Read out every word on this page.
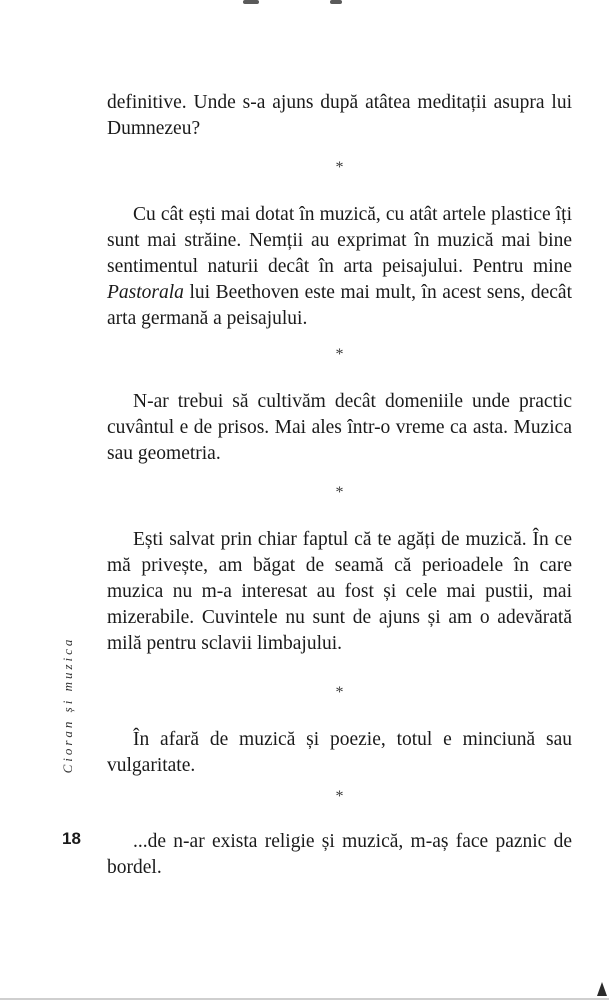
definitive. Unde s-a ajuns după atâtea meditații asupra lui Dumnezeu?

*

Cu cât ești mai dotat în muzică, cu atât artele plastice îți sunt mai străine. Nemții au exprimat în muzică mai bine sentimentul naturii decât în arta peisajului. Pentru mine Pastorala lui Beethoven este mai mult, în acest sens, decât arta germană a peisajului.

*

N-ar trebui să cultivăm decât domeniile unde practic cuvântul e de prisos. Mai ales într-o vreme ca asta. Muzica sau geometria.

*

Ești salvat prin chiar faptul că te agăți de muzică. În ce mă privește, am băgat de seamă că perioadele în care muzica nu m-a interesat au fost și cele mai pustii, mai mizerabile. Cuvintele nu sunt de ajuns și am o adevărată milă pentru sclavii limbajului.

*

În afară de muzică și poezie, totul e minciună sau vulgaritate.

*

...de n-ar exista religie și muzică, m-aș face paznic de bordel.

Cioran și muzica
18
